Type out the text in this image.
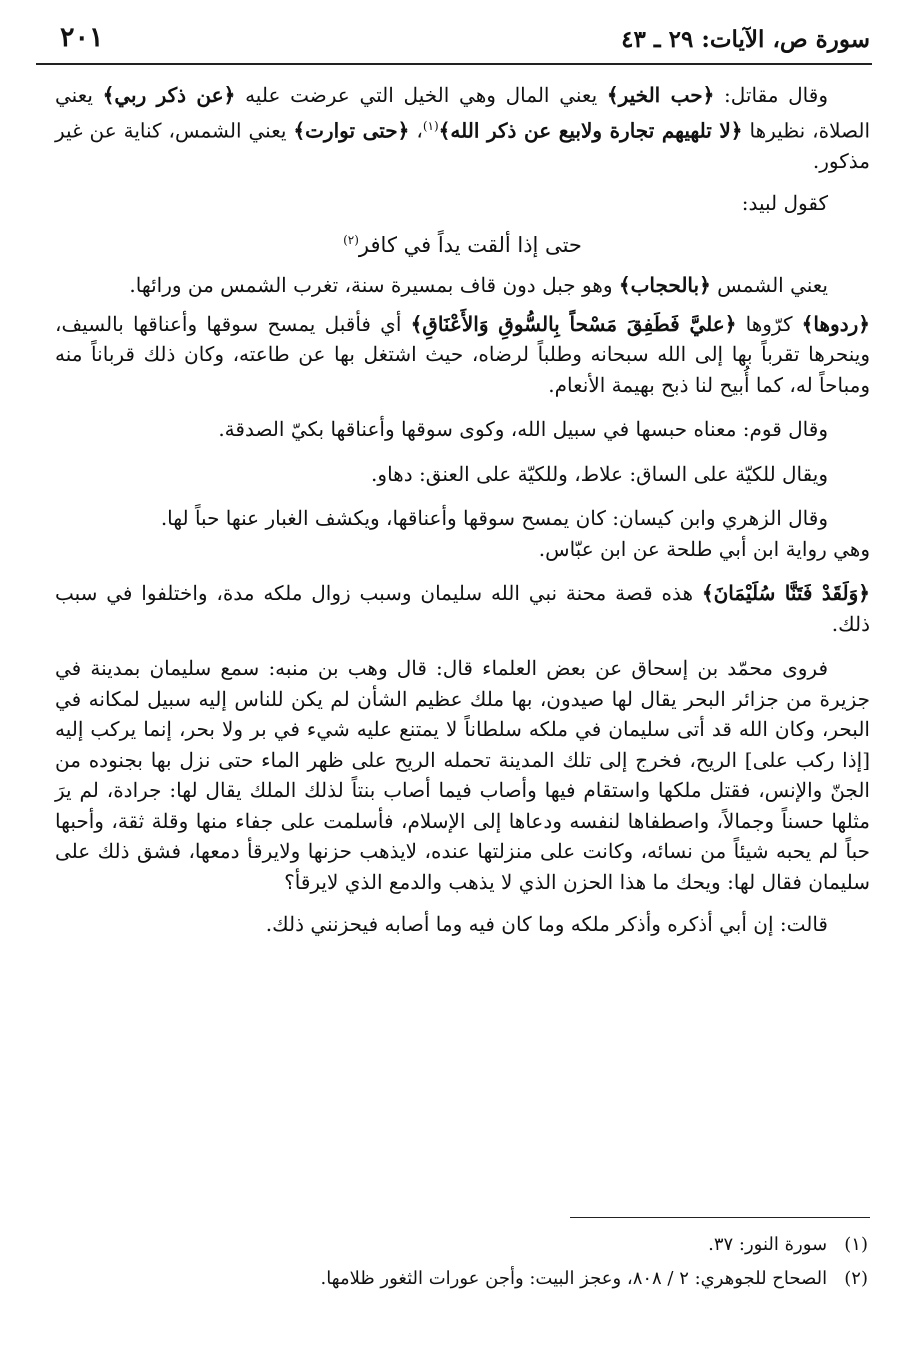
سورة ص، الآيات: ٢٩ ـ ٤٣
٢٠١

وقال مقاتل: ﴿حب الخير﴾ يعني المال وهي الخيل التي عرضت عليه ﴿عن ذكر ربي﴾ يعني الصلاة، نظيرها ﴿لا تلهيهم تجارة ولابيع عن ذكر الله﴾$^{(١)}$، ﴿حتى توارت﴾ يعني الشمس، كناية عن غير مذكور.

كقول لبيد:

حتى إذا ألقت يداً في كافر$^{(٢)}$

يعني الشمس ﴿بالحجاب﴾ وهو جبل دون قاف بمسيرة سنة، تغرب الشمس من ورائها.

﴿ردوها﴾ كرّوها ﴿عليَّ فَطَفِقَ مَسْحاً بِالسُّوقِ وَالأَعْنَاقِ﴾ أي فأقبل يمسح سوقها وأعناقها بالسيف، وينحرها تقرباً بها إلى الله سبحانه وطلباً لرضاه، حيث اشتغل بها عن طاعته، وكان ذلك قرباناً منه ومباحاً له، كما أُبيح لنا ذبح بهيمة الأنعام.

وقال قوم: معناه حبسها في سبيل الله، وكوى سوقها وأعناقها بكيّ الصدقة.

ويقال للكيّة على الساق: علاط، وللكيّة على العنق: دهاو.

وقال الزهري وابن كيسان: كان يمسح سوقها وأعناقها، ويكشف الغبار عنها حباً لها.

وهي رواية ابن أبي طلحة عن ابن عبّاس.

﴿وَلَقَدْ فَتَنَّا سُلَيْمَانَ﴾ هذه قصة محنة نبي الله سليمان وسبب زوال ملكه مدة، واختلفوا في سبب ذلك.

فروى محمّد بن إسحاق عن بعض العلماء قال: قال وهب بن منبه: سمع سليمان بمدينة في جزيرة من جزائر البحر يقال لها صيدون، بها ملك عظيم الشأن لم يكن للناس إليه سبيل لمكانه في البحر، وكان الله قد أتى سليمان في ملكه سلطاناً لا يمتنع عليه شيء في بر ولا بحر، إنما يركب إليه [إذا ركب على] الريح، فخرج إلى تلك المدينة تحمله الريح على ظهر الماء حتى نزل بها بجنوده من الجنّ والإنس، فقتل ملكها واستقام فيها وأصاب فيما أصاب بنتاً لذلك الملك يقال لها: جرادة، لم يرَ مثلها حسناً وجمالاً، واصطفاها لنفسه ودعاها إلى الإسلام، فأسلمت على جفاء منها وقلة ثقة، وأحبها حباً لم يحبه شيئاً من نسائه، وكانت على منزلتها عنده، لايذهب حزنها ولايرقأ دمعها، فشق ذلك على سليمان فقال لها: ويحك ما هذا الحزن الذي لا يذهب والدمع الذي لايرقأ؟

قالت: إن أبي أذكره وأذكر ملكه وما كان فيه وما أصابه فيحزنني ذلك.

(١)   سورة النور: ٣٧.

(٢)   الصحاح للجوهري: ٢ / ٨٠٨، وعجز البيت: وأجن عورات الثغور ظلامها.
